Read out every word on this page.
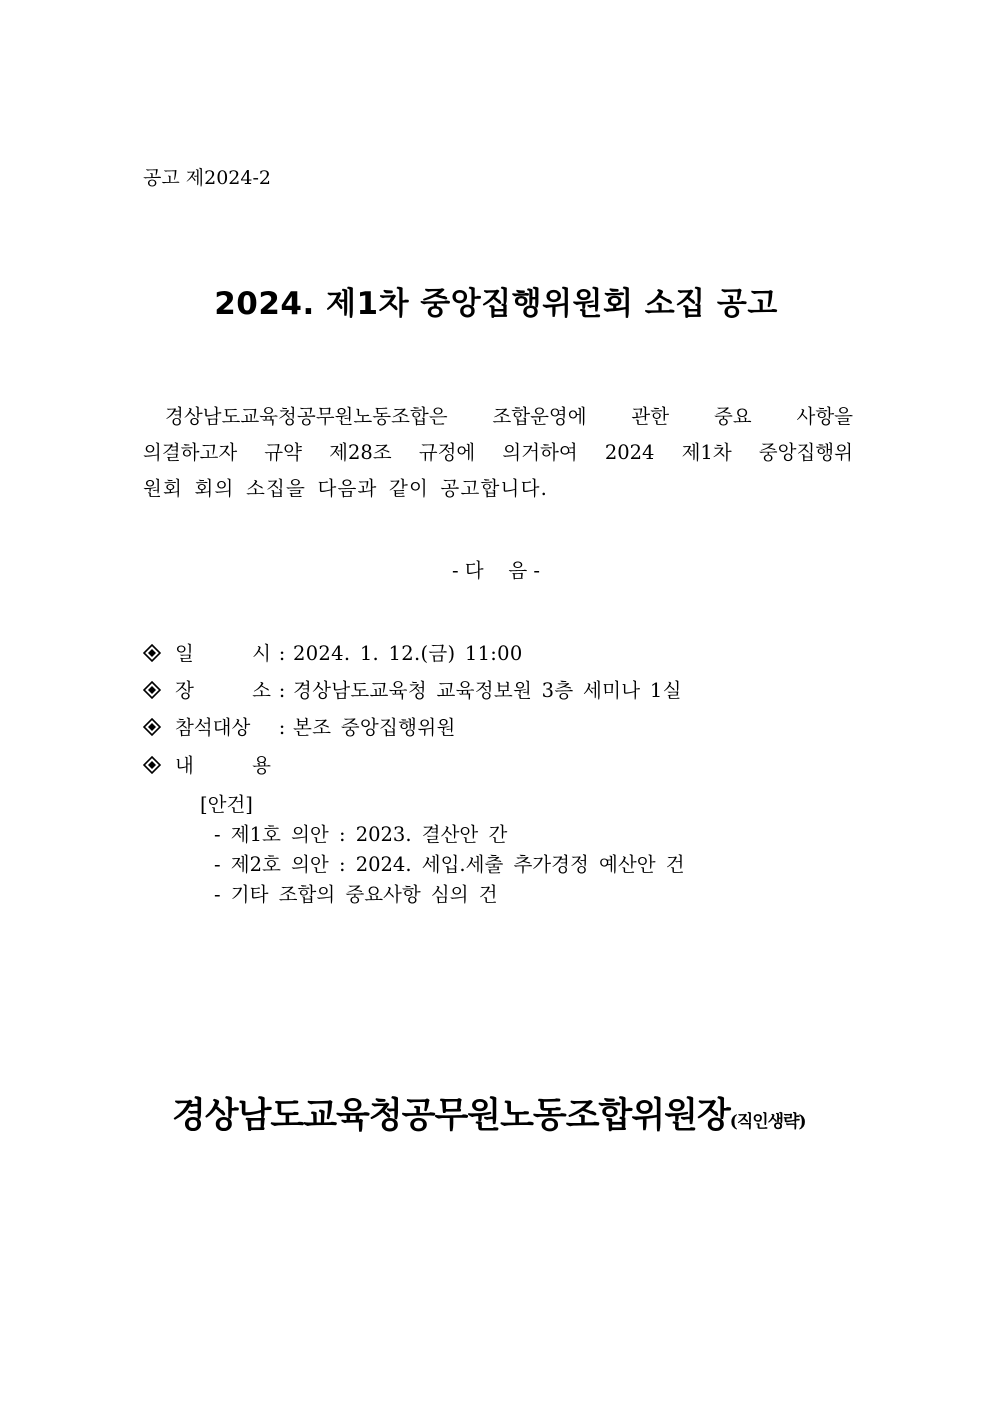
공고 제2024-2
2024. 제1차 중앙집행위원회 소집 공고
경상남도교육청공무원노동조합은 조합운영에 관한 중요 사항을
의결하고자 규약 제28조 규정에 의거하여 2024 제1차 중앙집행위
원회 회의 소집을 다음과 같이 공고합니다.
- 다    음 -
일 시 : 2024. 1. 12.(금) 11:00
장 소 : 경상남도교육청 교육정보원 3층 세미나 1실
참석대상 : 본조 중앙집행위원
내 용
[안건]
- 제1호 의안 : 2023. 결산안 간
- 제2호 의안 : 2024. 세입.세출 추가경정 예산안 건
- 기타 조합의 중요사항 심의 건
경상남도교육청공무원노동조합위원장(직인생략)
